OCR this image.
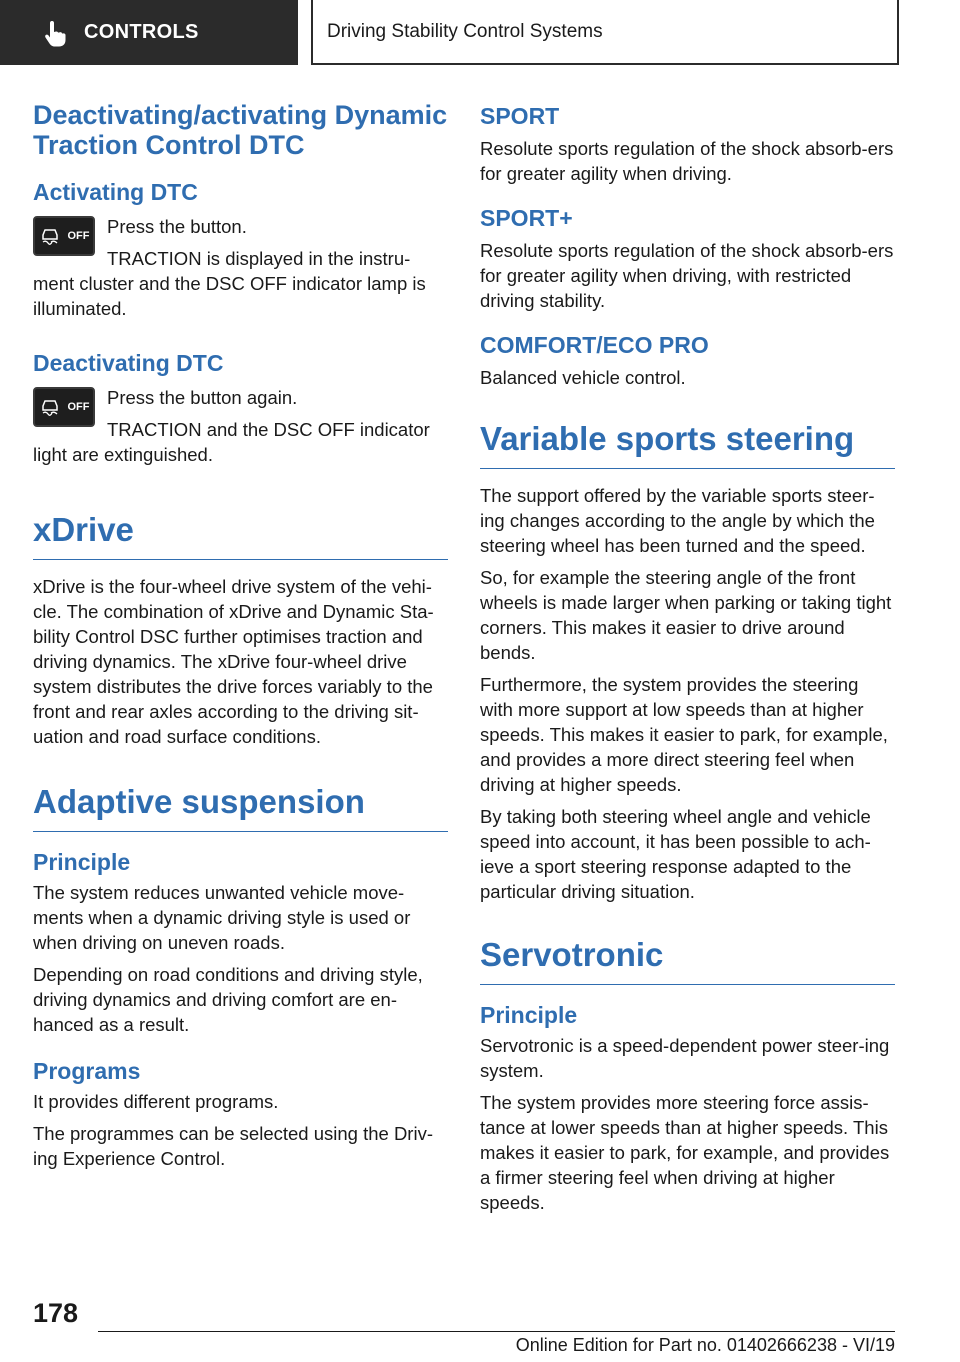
CONTROLS	Driving Stability Control Systems
Deactivating/activating Dynamic Traction Control DTC
Activating DTC
OFF Press the button.

TRACTION is displayed in the instru-ment cluster and the DSC OFF indicator lamp is illuminated.

Deactivating DTC
OFF Press the button again.

TRACTION and the DSC OFF indicator light are extinguished.

xDrive

xDrive is the four-wheel drive system of the vehi-cle. The combination of xDrive and Dynamic Sta-bility Control DSC further optimises traction and driving dynamics. The xDrive four-wheel drive system distributes the drive forces variably to the front and rear axles according to the driving sit-uation and road surface conditions.

Adaptive suspension
Principle

The system reduces unwanted vehicle move-ments when a dynamic driving style is used or when driving on uneven roads.

Depending on road conditions and driving style, driving dynamics and driving comfort are en-hanced as a result.

Programs

It provides different programs.

The programmes can be selected using the Driv-ing Experience Control.

SPORT

Resolute sports regulation of the shock absorb-ers for greater agility when driving.

SPORT+

Resolute sports regulation of the shock absorb-ers for greater agility when driving, with restricted driving stability.

COMFORT/ECO PRO

Balanced vehicle control.

Variable sports steering

The support offered by the variable sports steer-ing changes according to the angle by which the steering wheel has been turned and the speed.

So, for example the steering angle of the front wheels is made larger when parking or taking tight corners. This makes it easier to drive around bends.

Furthermore, the system provides the steering with more support at low speeds than at higher speeds. This makes it easier to park, for example, and provides a more direct steering feel when driving at higher speeds.

By taking both steering wheel angle and vehicle speed into account, it has been possible to ach-ieve a sport steering response adapted to the particular driving situation.

Servotronic
Principle

Servotronic is a speed-dependent power steer-ing system.

The system provides more steering force assis-tance at lower speeds than at higher speeds. This makes it easier to park, for example, and provides a firmer steering feel when driving at higher speeds.

178
Online Edition for Part no. 01402666238 - VI/19
